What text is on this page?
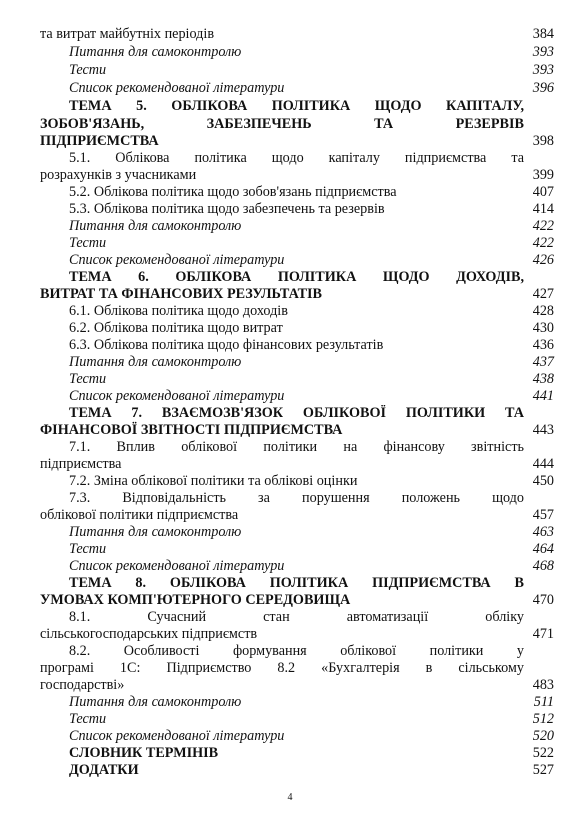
та витрат майбутніх періодів	384
Питання для самоконтролю	393
Тести	393
Список рекомендованої літератури	396
ТЕМА 5. ОБЛІКОВА ПОЛІТИКА ЩОДО КАПІТАЛУ,
ЗОБОВ'ЯЗАНЬ, ЗАБЕЗПЕЧЕНЬ ТА РЕЗЕРВІВ
ПІДПРИЄМСТВА	398
5.1. Облікова політика щодо капіталу підприємства та
розрахунків з учасниками	399
5.2. Облікова політика щодо зобов'язань підприємства	407
5.3. Облікова політика щодо забезпечень та резервів	414
Питання для самоконтролю	422
Тести	422
Список рекомендованої літератури	426
ТЕМА 6. ОБЛІКОВА ПОЛІТИКА ЩОДО ДОХОДІВ,
ВИТРАТ ТА ФІНАНСОВИХ РЕЗУЛЬТАТІВ	427
6.1. Облікова політика щодо доходів	428
6.2. Облікова політика щодо витрат	430
6.3. Облікова політика щодо фінансових результатів	436
Питання для самоконтролю	437
Тести	438
Список рекомендованої літератури	441
ТЕМА 7. ВЗАЄМОЗВ'ЯЗОК ОБЛІКОВОЇ ПОЛІТИКИ ТА
ФІНАНСОВОЇ ЗВІТНОСТІ ПІДПРИЄМСТВА	443
7.1. Вплив облікової політики на фінансову звітність
підприємства	444
7.2. Зміна облікової політики та облікові оцінки	450
7.3. Відповідальність за порушення положень щодо
облікової політики підприємства	457
Питання для самоконтролю	463
Тести	464
Список рекомендованої літератури	468
ТЕМА 8. ОБЛІКОВА ПОЛІТИКА ПІДПРИЄМСТВА В
УМОВАХ КОМП'ЮТЕРНОГО СЕРЕДОВИЩА	470
8.1. Сучасний стан автоматизації обліку
сільськогосподарських підприємств	471
8.2. Особливості формування облікової політики у
програмі 1С: Підприємство 8.2 «Бухгалтерія в сільському
господарстві»	483
Питання для самоконтролю	511
Тести	512
Список рекомендованої літератури	520
СЛОВНИК ТЕРМІНІВ	522
ДОДАТКИ	527
4
